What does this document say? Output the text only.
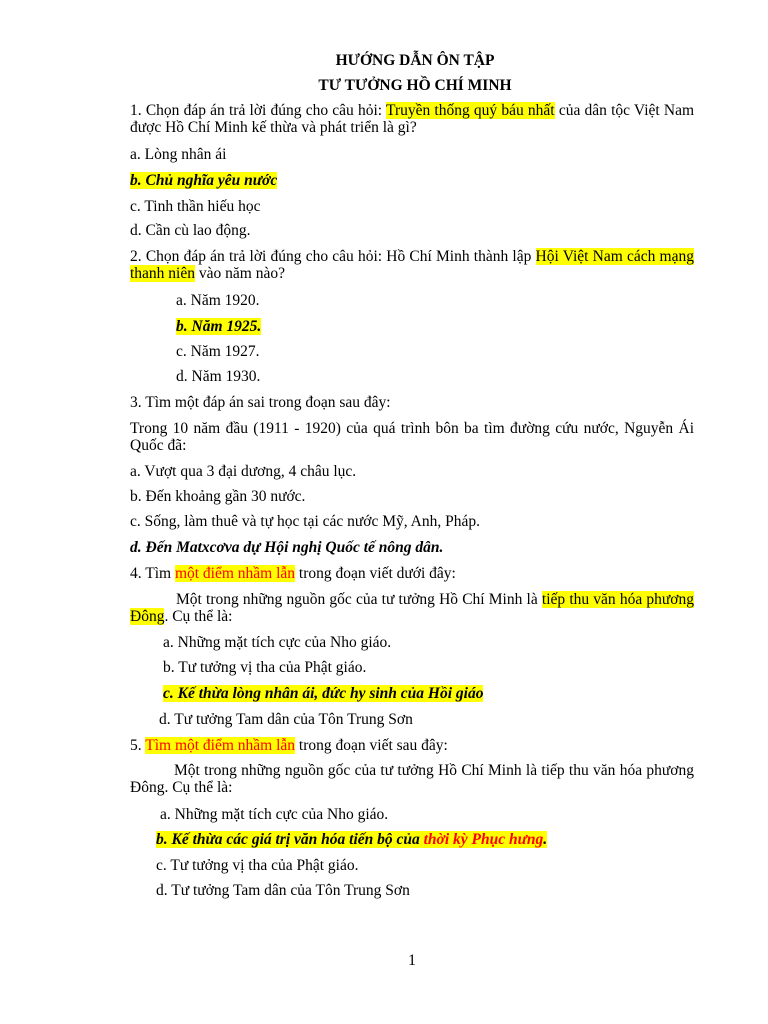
HƯỚNG DẪN ÔN TẬP
TƯ TƯỞNG HỒ CHÍ MINH
1. Chọn đáp án trả lời đúng cho câu hỏi: Truyền thống quý báu nhất của dân tộc Việt Nam được Hồ Chí Minh kế thừa và phát triển là gì?
a. Lòng nhân ái
b. Chủ nghĩa yêu nước
c. Tinh thần hiếu học
d. Cần cù lao động.
2. Chọn đáp án trả lời đúng cho câu hỏi: Hồ Chí Minh thành lập Hội Việt Nam cách mạng thanh niên vào năm nào?
a. Năm 1920.
b. Năm 1925.
c. Năm 1927.
d. Năm 1930.
3. Tìm một đáp án sai trong đoạn sau đây:
Trong 10 năm đầu (1911 - 1920) của quá trình bôn ba tìm đường cứu nước, Nguyễn Ái Quốc đã:
a. Vượt qua 3 đại dương, 4 châu lục.
b. Đến khoảng gần 30 nước.
c. Sống, làm thuê và tự học tại các nước Mỹ, Anh, Pháp.
d. Đến Matxcơva dự Hội nghị Quốc tế nông dân.
4. Tìm một điểm nhầm lẫn trong đoạn viết dưới đây:
Một trong những nguồn gốc của tư tưởng Hồ Chí Minh là tiếp thu văn hóa phương Đông. Cụ thể là:
a. Những mặt tích cực của Nho giáo.
b. Tư tưởng vị tha của Phật giáo.
c. Kế thừa lòng nhân ái, đức hy sinh của Hồi giáo
d. Tư tưởng Tam dân của Tôn Trung Sơn
5. Tìm một điểm nhầm lẫn trong đoạn viết sau đây:
Một trong những nguồn gốc của tư tưởng Hồ Chí Minh là tiếp thu văn hóa phương Đông. Cụ thể là:
a. Những mặt tích cực của Nho giáo.
b. Kế thừa các giá trị văn hóa tiến bộ của thời kỳ Phục hưng.
c. Tư tưởng vị tha của Phật giáo.
d. Tư tưởng Tam dân của Tôn Trung Sơn
1
